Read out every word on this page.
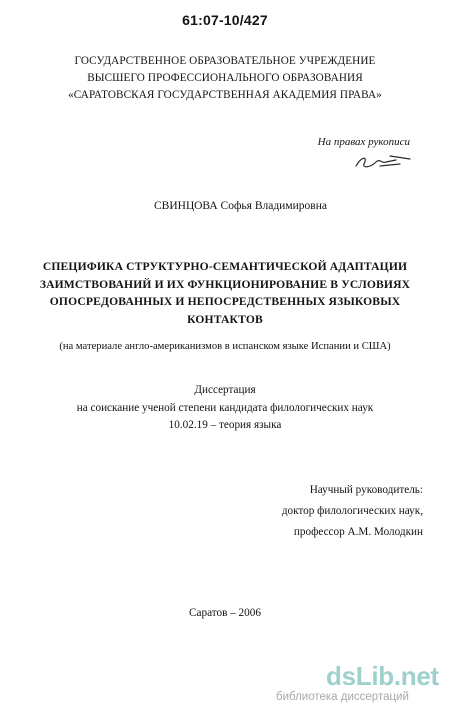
61:07-10/427
ГОСУДАРСТВЕННОЕ ОБРАЗОВАТЕЛЬНОЕ УЧРЕЖДЕНИЕ
ВЫСШЕГО ПРОФЕССИОНАЛЬНОГО ОБРАЗОВАНИЯ
«САРАТОВСКАЯ ГОСУДАРСТВЕННАЯ АКАДЕМИЯ ПРАВА»
На правах рукописи
СВИНЦОВА Софья Владимировна
СПЕЦИФИКА СТРУКТУРНО-СЕМАНТИЧЕСКОЙ АДАПТАЦИИ
ЗАИМСТВОВАНИЙ И ИХ ФУНКЦИОНИРОВАНИЕ В УСЛОВИЯХ
ОПОСРЕДОВАННЫХ И НЕПОСРЕДСТВЕННЫХ ЯЗЫКОВЫХ
КОНТАКТОВ
(на материале англо-американизмов в испанском языке Испании и США)
Диссертация
на соискание ученой степени кандидата филологических наук
10.02.19 – теория языка
Научный руководитель:
доктор филологических наук,
профессор А.М. Молодкин
Саратов – 2006
dsLib.net
библиотека диссертаций
